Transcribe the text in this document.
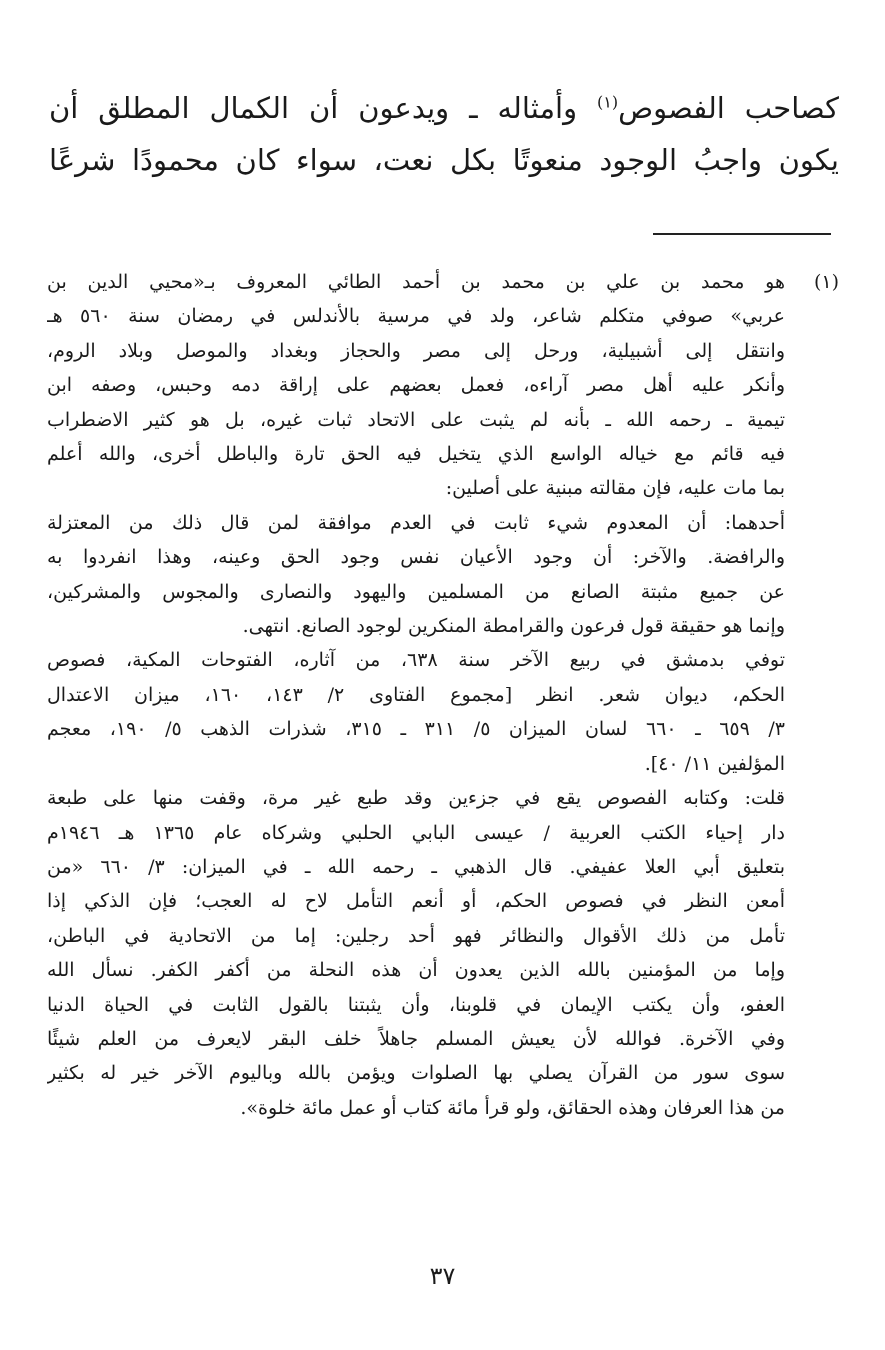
كصاحب الفصوص$^{(١)}$ وأمثاله ـ ويدعون أن الكمال المطلق أن
يكون واجبُ الوجود منعوتًا بكل نعت، سواء كان محمودًا شرعًا
(١)
هو محمد بن علي بن محمد بن أحمد الطائي المعروف بـ«محيي الدين بن
عربي» صوفي متكلم شاعر، ولد في مرسية بالأندلس في رمضان سنة ٥٦٠ هـ
وانتقل إلى أشبيلية، ورحل إلى مصر والحجاز وبغداد والموصل وبلاد الروم،
وأنكر عليه أهل مصر آراءه، فعمل بعضهم على إراقة دمه وحبس، وصفه ابن
تيمية ـ رحمه الله ـ بأنه لم يثبت على الاتحاد ثبات غيره، بل هو كثير الاضطراب
فيه قائم مع خياله الواسع الذي يتخيل فيه الحق تارة والباطل أخرى، والله أعلم
بما مات عليه، فإن مقالته مبنية على أصلين:
أحدهما: أن المعدوم شيء ثابت في العدم موافقة لمن قال ذلك من المعتزلة
والرافضة. والآخر: أن وجود الأعيان نفس وجود الحق وعينه، وهذا انفردوا به
عن جميع مثبتة الصانع من المسلمين واليهود والنصارى والمجوس والمشركين،
وإنما هو حقيقة قول فرعون والقرامطة المنكرين لوجود الصانع. انتهى.
توفي بدمشق في ربيع الآخر سنة ٦٣٨، من آثاره، الفتوحات المكية، فصوص
الحكم، ديوان شعر. انظر [مجموع الفتاوى ٢/ ١٤٣، ١٦٠، ميزان الاعتدال
٣/ ٦٥٩ ـ ٦٦٠ لسان الميزان ٥/ ٣١١ ـ ٣١٥، شذرات الذهب ٥/ ١٩٠، معجم
المؤلفين ١١/ ٤٠].
قلت: وكتابه الفصوص يقع في جزءين وقد طبع غير مرة، وقفت منها على طبعة
دار إحياء الكتب العربية / عيسى البابي الحلبي وشركاه عام ١٣٦٥ هـ ١٩٤٦م
بتعليق أبي العلا عفيفي. قال الذهبي ـ رحمه الله ـ في الميزان: ٣/ ٦٦٠ «من
أمعن النظر في فصوص الحكم، أو أنعم التأمل لاح له العجب؛ فإن الذكي إذا
تأمل من ذلك الأقوال والنظائر فهو أحد رجلين: إما من الاتحادية في الباطن،
وإما من المؤمنين بالله الذين يعدون أن هذه النحلة من أكفر الكفر. نسأل الله
العفو، وأن يكتب الإيمان في قلوبنا، وأن يثبتنا بالقول الثابت في الحياة الدنيا
وفي الآخرة. فوالله لأن يعيش المسلم جاهلاً خلف البقر لايعرف من العلم شيئًا
سوى سور من القرآن يصلي بها الصلوات ويؤمن بالله وباليوم الآخر خير له بكثير
من هذا العرفان وهذه الحقائق، ولو قرأ مائة كتاب أو عمل مائة خلوة».
٣٧
